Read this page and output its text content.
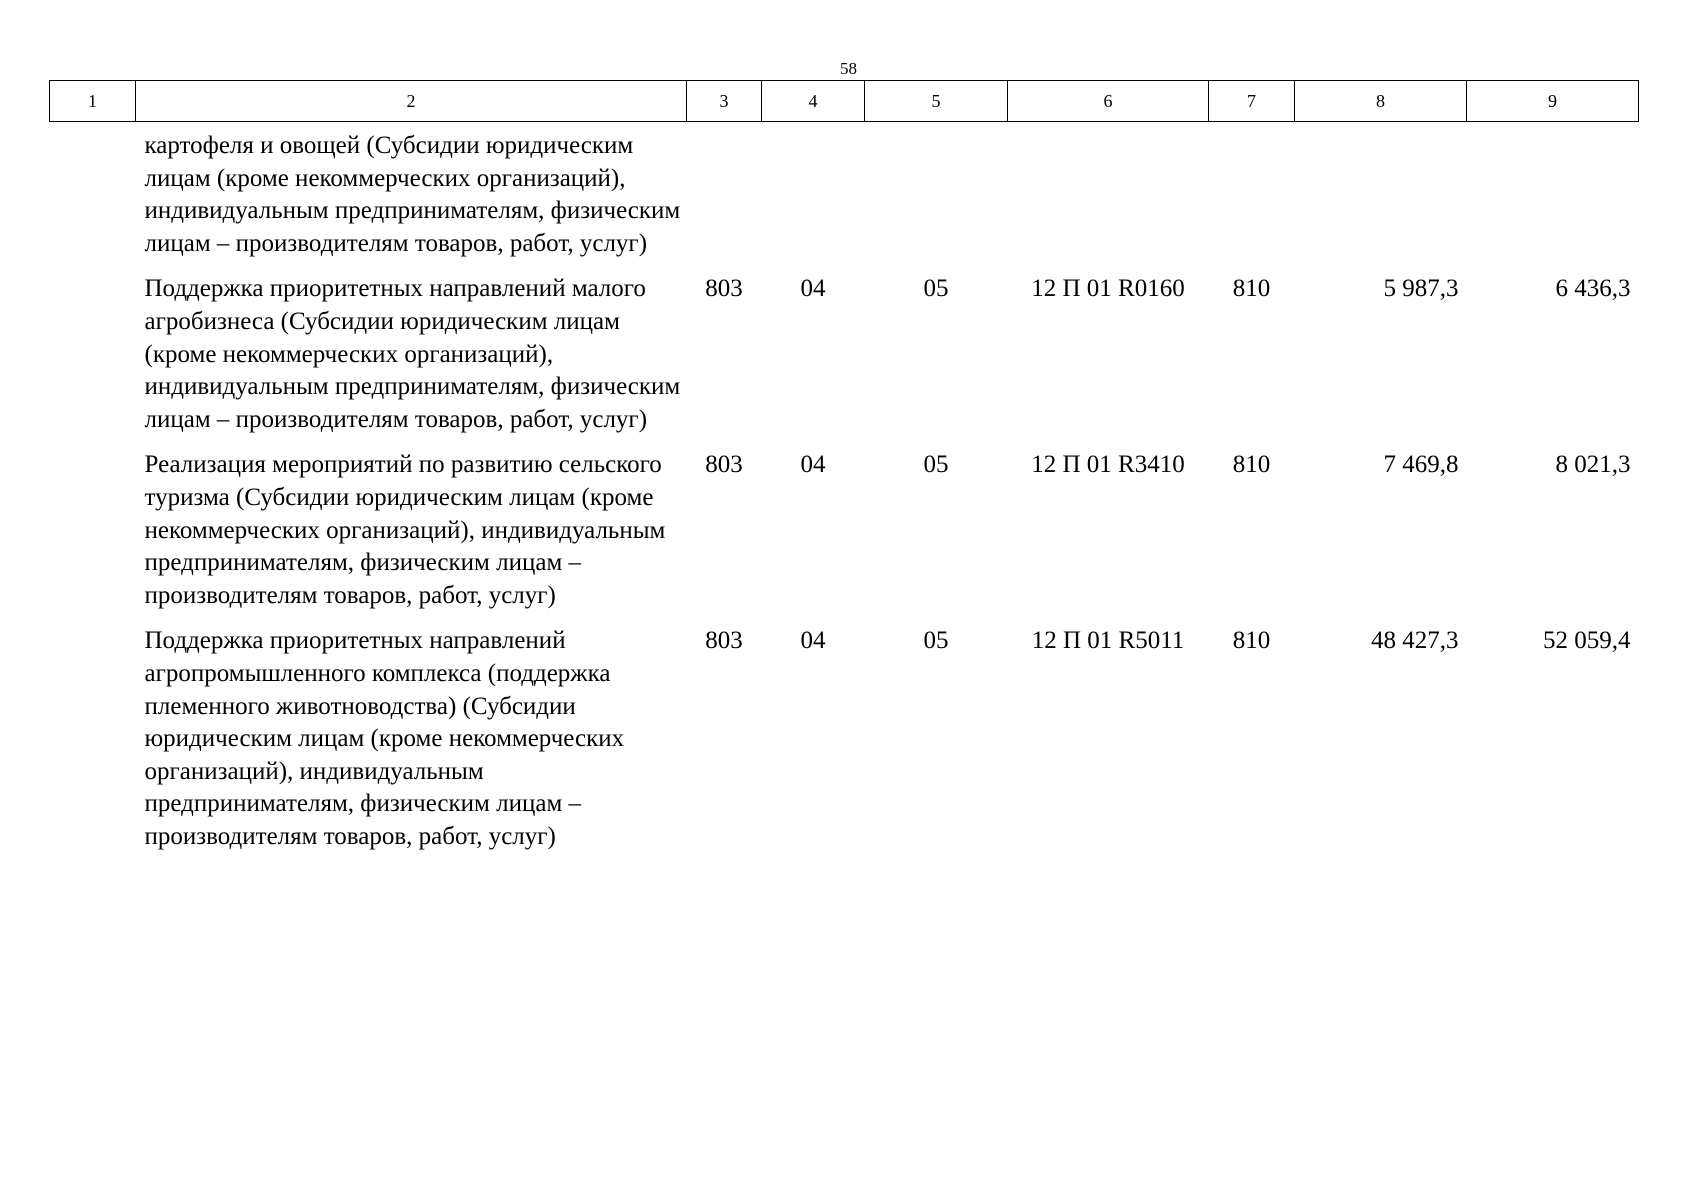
58
1	2	3	4	5	6	7	8	9
	картофеля и овощей (Субсидии юридическим лицам (кроме некоммерческих организаций), индивидуальным предпринимателям, физическим лицам – производителям товаров, работ, услуг)							
	Поддержка приоритетных направлений малого агробизнеса (Субсидии юридическим лицам (кроме некоммерческих организаций), индивидуальным предпринимателям, физическим лицам – производителям товаров, работ, услуг)	803	04	05	12 П 01 R0160	810	5 987,3	6 436,3
	Реализация мероприятий по развитию сельского туризма (Субсидии юридическим лицам (кроме некоммерческих организаций), индивидуальным предпринимателям, физическим лицам – производителям товаров, работ, услуг)	803	04	05	12 П 01 R3410	810	7 469,8	8 021,3
	Поддержка приоритетных направлений агропромышленного комплекса (поддержка племенного животноводства) (Субсидии юридическим лицам (кроме некоммерческих организаций), индивидуальным предпринимателям, физическим лицам – производителям товаров, работ, услуг)	803	04	05	12 П 01 R5011	810	48 427,3	52 059,4
